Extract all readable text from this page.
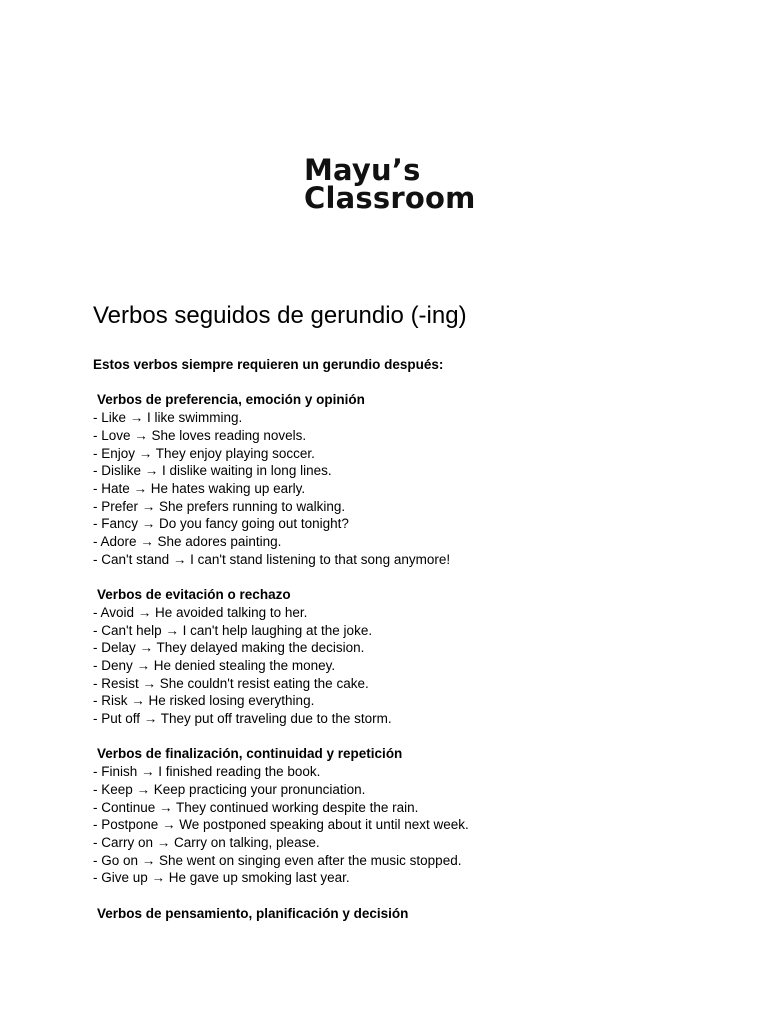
Mayu’s
Classroom
Verbos seguidos de gerundio (-ing)
Estos verbos siempre requieren un gerundio después:
Verbos de preferencia, emoción y opinión
- Like → I like swimming.
- Love → She loves reading novels.
- Enjoy → They enjoy playing soccer.
- Dislike → I dislike waiting in long lines.
- Hate → He hates waking up early.
- Prefer → She prefers running to walking.
- Fancy → Do you fancy going out tonight?
- Adore → She adores painting.
- Can't stand → I can't stand listening to that song anymore!
Verbos de evitación o rechazo
- Avoid → He avoided talking to her.
- Can't help → I can't help laughing at the joke.
- Delay → They delayed making the decision.
- Deny → He denied stealing the money.
- Resist → She couldn't resist eating the cake.
- Risk → He risked losing everything.
- Put off → They put off traveling due to the storm.
Verbos de finalización, continuidad y repetición
- Finish → I finished reading the book.
- Keep → Keep practicing your pronunciation.
- Continue → They continued working despite the rain.
- Postpone → We postponed speaking about it until next week.
- Carry on → Carry on talking, please.
- Go on → She went on singing even after the music stopped.
- Give up → He gave up smoking last year.
Verbos de pensamiento, planificación y decisión
